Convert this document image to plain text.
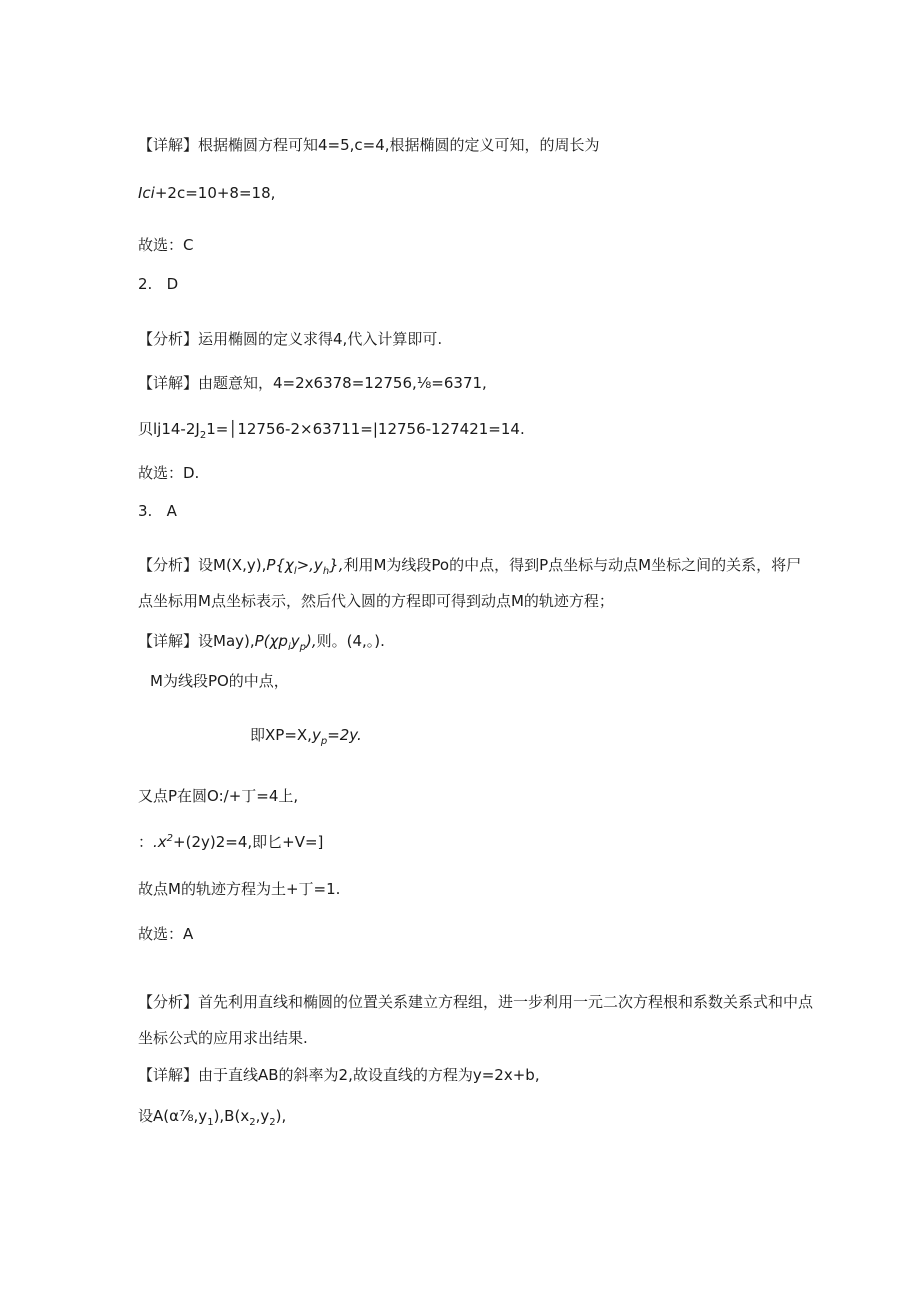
【详解】根据椭圆方程可知4=5,c=4,根据椭圆的定义可知，的周长为
Ici+2c=10+8=18,
故选：C
2.   D
【分析】运用椭圆的定义求得4,代入计算即可.
【详解】由题意知，4=2x6378=12756,⅛=6371,
贝$lj14-2J_21=│12756-2\times 63711=|12756-127421=14$.
故选：D.
3.   A
【分析】设$M(X,y),P\{\chi_l>,y_h\}$,利用M为线段Po的中点，得到P点坐标与动点M坐标之间的关系，将尸
点坐标用M点坐标表示，然后代入圆的方程即可得到动点M的轨迹方程；
【详解】设$May),P(\chi p_iy_p)$,则。(4,。).
M为线段PO的中点，
即$XP=X,y_p=2y$.
又点P在圆O:/+丁=4上,
：$.x^2+(2y)2=4$,即匕+V=]
故点M的轨迹方程为土+丁=1.
故选：A
【分析】首先利用直线和椭圆的位置关系建立方程组，进一步利用一元二次方程根和系数关系式和中点
坐标公式的应用求出结果.
【详解】由于直线AB的斜率为2,故设直线的方程为y=2x+b,
设$A(\alpha\frac{7}{8},y_1),B(x_2,y_2)$,
